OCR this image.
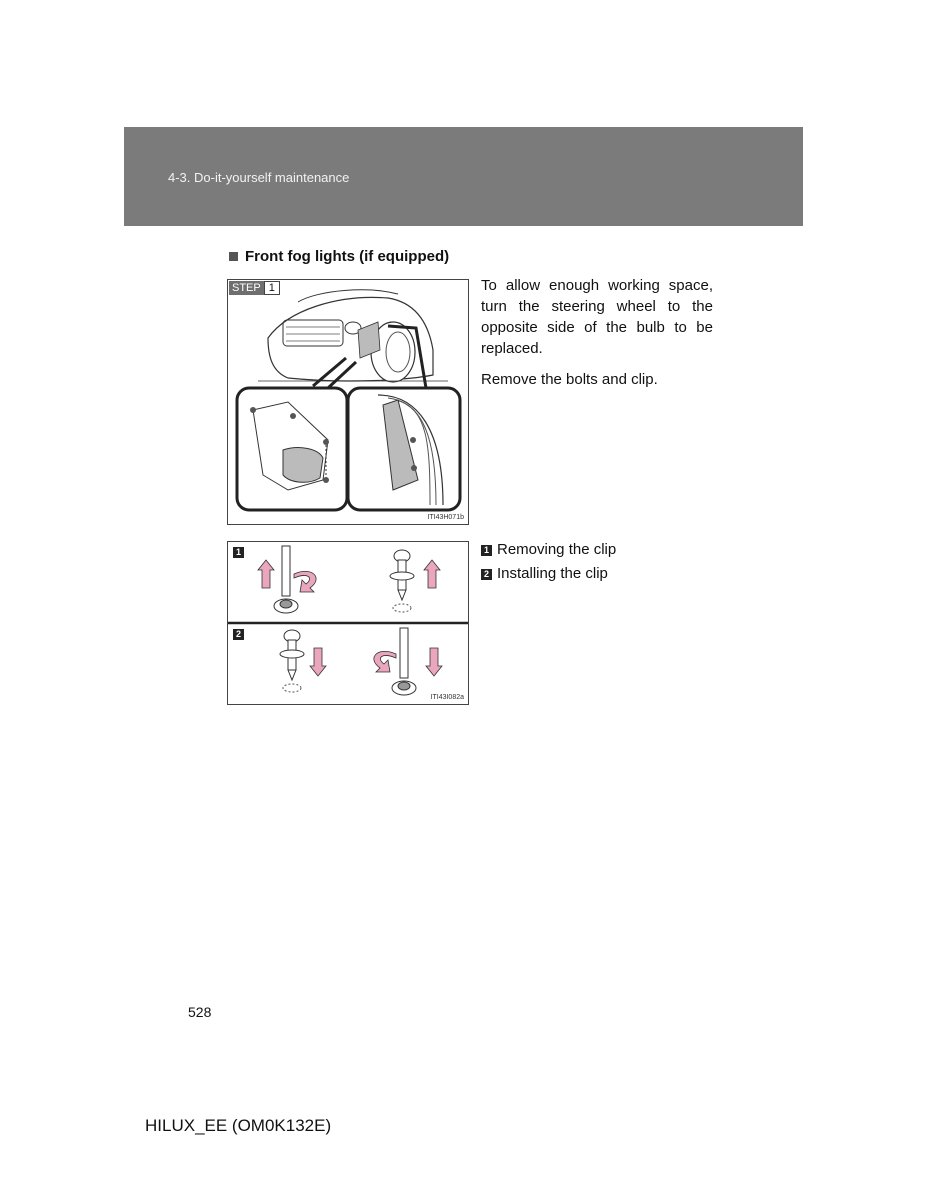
4-3. Do-it-yourself maintenance
Front fog lights (if equipped)
STEP 1
ITI43H071b
To allow enough working space, turn the steering wheel to the opposite side of the bulb to be replaced.
Remove the bolts and clip.
1
2
ITI43I082a
1 Removing the clip
2 Installing the clip
528
HILUX_EE (OM0K132E)
